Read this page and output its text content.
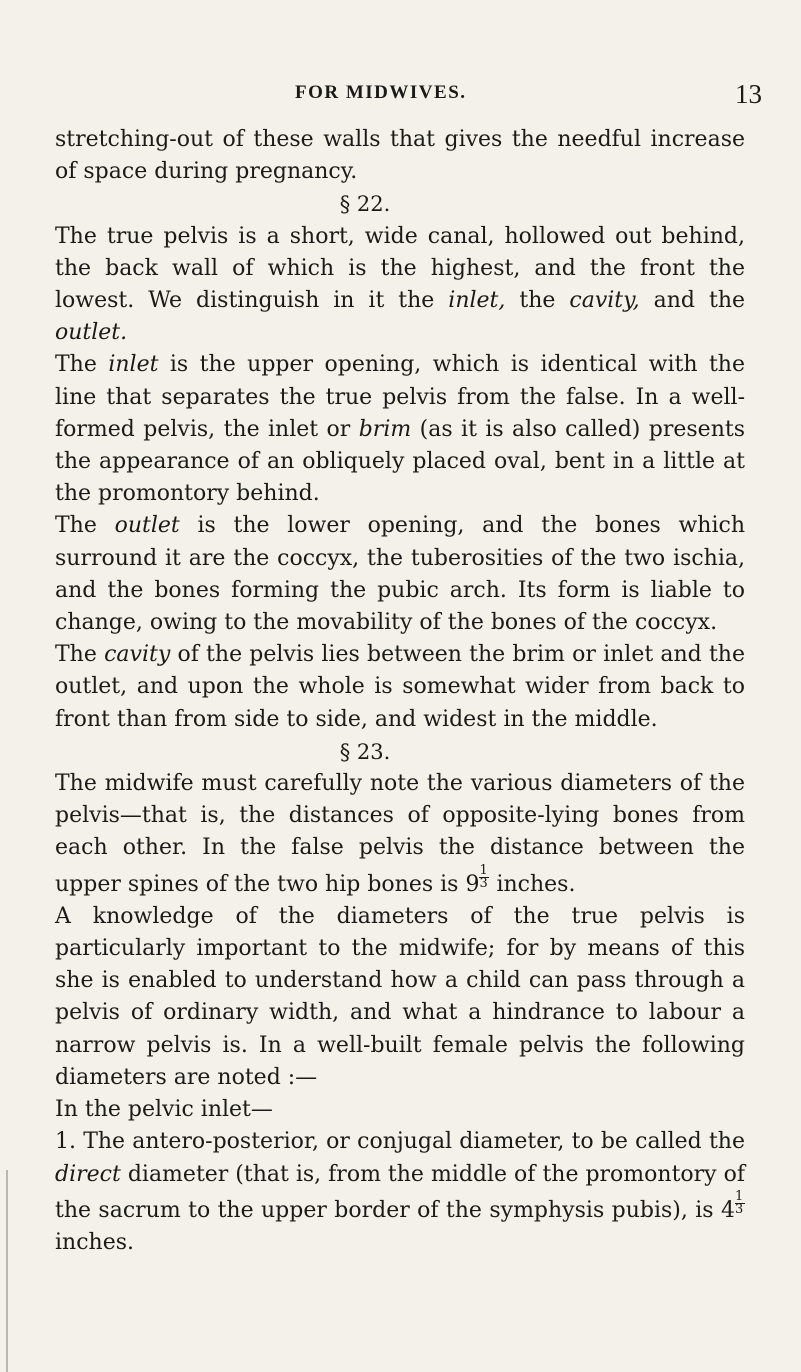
FOR MIDWIVES.	13

stretching-out of these walls that gives the needful increase of space during pregnancy.

§ 22.

The true pelvis is a short, wide canal, hollowed out behind, the back wall of which is the highest, and the front the lowest. We distinguish in it the inlet, the cavity, and the outlet.

The inlet is the upper opening, which is identical with the line that separates the true pelvis from the false. In a well-formed pelvis, the inlet or brim (as it is also called) presents the appearance of an obliquely placed oval, bent in a little at the promontory behind.

The outlet is the lower opening, and the bones which surround it are the coccyx, the tuberosities of the two ischia, and the bones forming the pubic arch. Its form is liable to change, owing to the movability of the bones of the coccyx.

The cavity of the pelvis lies between the brim or inlet and the outlet, and upon the whole is somewhat wider from back to front than from side to side, and widest in the middle.

§ 23.

The midwife must carefully note the various diameters of the pelvis—that is, the distances of opposite-lying bones from each other. In the false pelvis the distance between the upper spines of the two hip bones is $9 \frac{1}{3}$ inches.

A knowledge of the diameters of the true pelvis is particularly important to the midwife; for by means of this she is enabled to understand how a child can pass through a pelvis of ordinary width, and what a hindrance to labour a narrow pelvis is. In a well-built female pelvis the following diameters are noted :—

In the pelvic inlet—

1. The antero-posterior, or conjugal diameter, to be called the direct diameter (that is, from the middle of the promontory of the sacrum to the upper border of the symphysis pubis), is $4 \frac{1}{3}$
inches.
